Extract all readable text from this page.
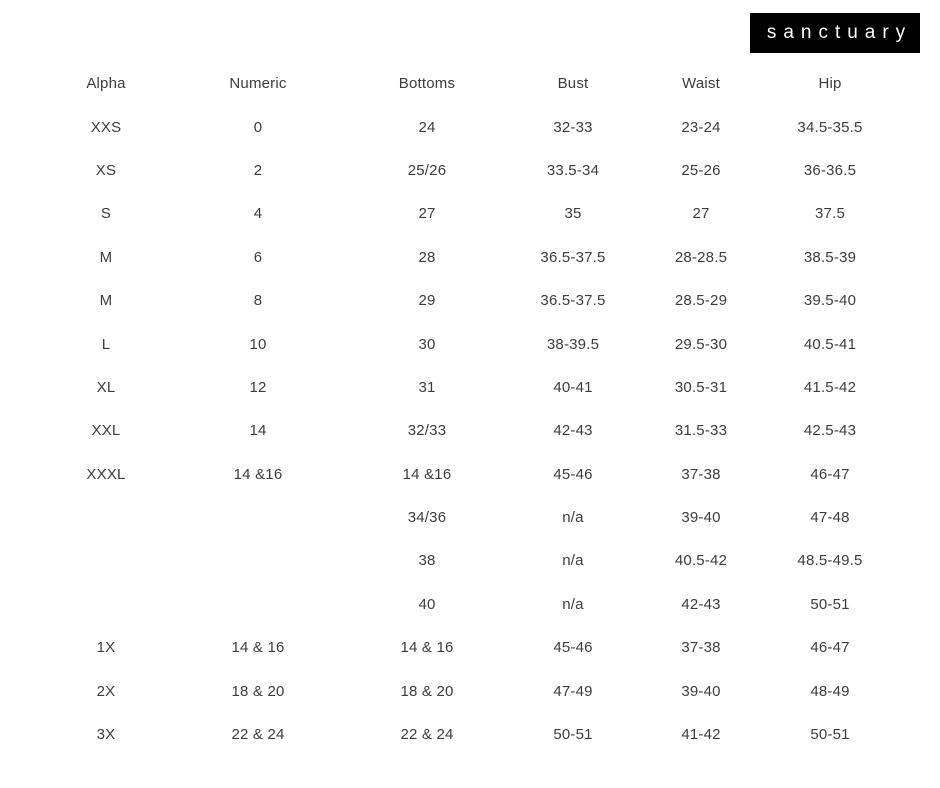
sanctuary
Alpha	Numeric	Bottoms	Bust	Waist	Hip
XXS	0	24	32-33	23-24	34.5-35.5
XS	2	25/26	33.5-34	25-26	36-36.5
S	4	27	35	27	37.5
M	6	28	36.5-37.5	28-28.5	38.5-39
M	8	29	36.5-37.5	28.5-29	39.5-40
L	10	30	38-39.5	29.5-30	40.5-41
XL	12	31	40-41	30.5-31	41.5-42
XXL	14	32/33	42-43	31.5-33	42.5-43
XXXL	14 &16	14 &16	45-46	37-38	46-47
		34/36	n/a	39-40	47-48
		38	n/a	40.5-42	48.5-49.5
		40	n/a	42-43	50-51
1X	14 & 16	14 & 16	45-46	37-38	46-47
2X	18 & 20	18 & 20	47-49	39-40	48-49
3X	22 & 24	22 & 24	50-51	41-42	50-51
